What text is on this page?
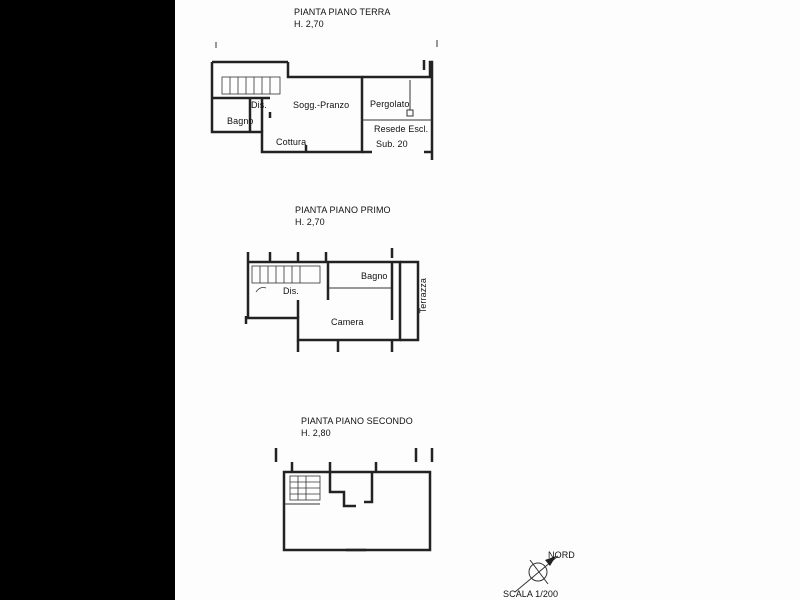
PIANTA PIANO TERRA
H. 2,70
Dis.	Sogg.-Pranzo Pergolato
Bagno
Resede Escl.
Cottura	Sub. 20
PIANTA PIANO PRIMO
H. 2,70
Bagno
Dis.	Terrazza
Camera
PIANTA PIANO SECONDO
H. 2,80
NORD
SCALA 1/200
